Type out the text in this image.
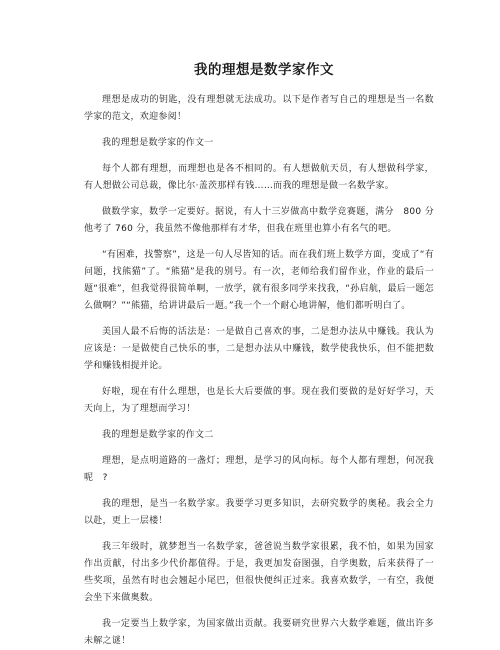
我的理想是数学家作文

理想是成功的钥匙，没有理想就无法成功。以下是作者写自己的理想是当一名数学家的范文，欢迎参阅！

我的理想是数学家的作文一

每个人都有理想，而理想也是各不相同的。有人想做航天员，有人想做科学家，有人想做公司总裁，像比尔·盖茨那样有钱……而我的理想是做一名数学家。

做数学家，数学一定要好。据说，有人十三岁做高中数学竞赛题，满分　800 分他考了 760 分，我虽然不像他那样有才华，但我在班里也算小有名气的吧。

“有困难，找警察”，这是一句人尽皆知的话。而在我们班上数学方面，变成了“有问题，找熊猫”了。“熊猫”是我的别号。有一次，老师给我们留作业，作业的最后一题“很难”，但我觉得很简单啊，一放学，就有很多同学来找我，“孙启航，最后一题怎么做啊？”“熊猫，给讲讲最后一题。”我一个一个耐心地讲解，他们都听明白了。

美国人最不后悔的活法是：一是做自己喜欢的事，二是想办法从中赚钱。我认为应该是：一是做使自己快乐的事，二是想办法从中赚钱，数学使我快乐，但不能把数学和赚钱相提并论。

好啦，现在有什么理想，也是长大后要做的事。现在我们要做的是好好学习，天天向上，为了理想而学习！

我的理想是数学家的作文二

理想，是点明道路的一盏灯；理想，是学习的风向标。每个人都有理想，何况我呢　?

我的理想，是当一名数学家。我要学习更多知识，去研究数学的奥秘。我会全力以赴，更上一层楼！

我三年级时，就梦想当一名数学家，爸爸说当数学家很累，我不怕，如果为国家作出贡献，付出多少代价都值得。于是，我更加发奋图强，自学奥数，后来获得了一些奖项，虽然有时也会翘起小尾巴，但很快便纠正过来。我喜欢数学，一有空，我便会坐下来做奥数。

我一定要当上数学家，为国家做出贡献。我要研究世界六大数学难题，做出许多未解之谜！
